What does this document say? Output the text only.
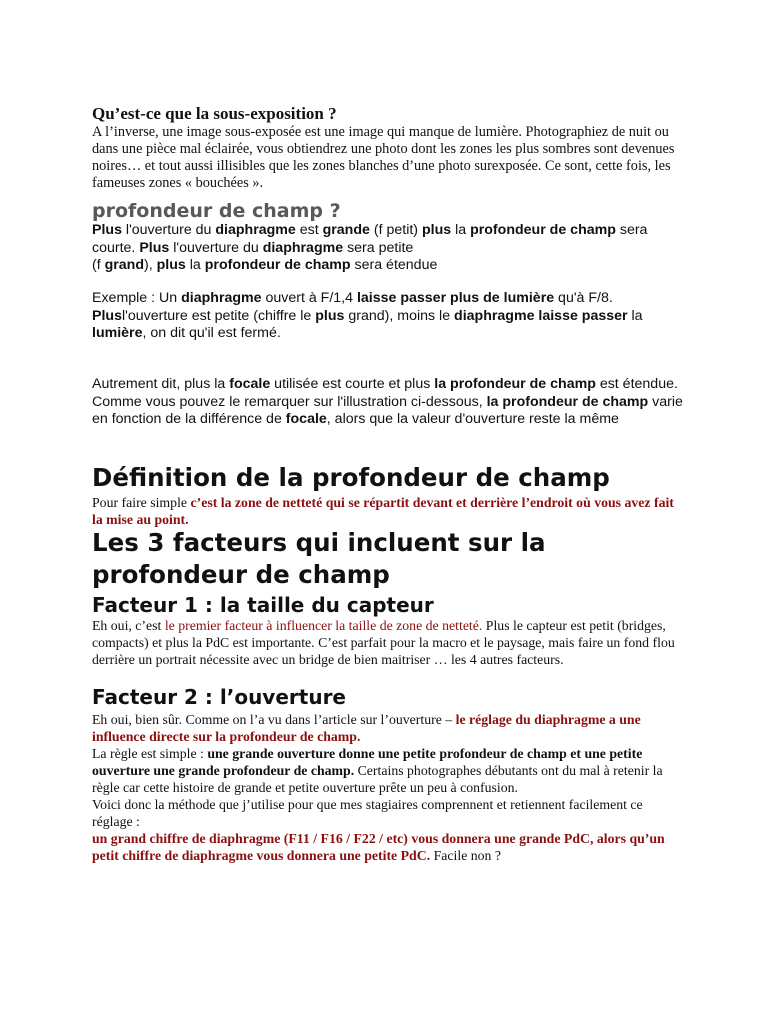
Qu’est-ce que la sous-exposition ?

A l’inverse, une image sous-exposée est une image qui manque de lumière. Photographiez de nuit ou dans une pièce mal éclairée, vous obtiendrez une photo dont les zones les plus sombres sont devenues noires… et tout aussi illisibles que les zones blanches d’une photo surexposée. Ce sont, cette fois, les fameuses zones « bouchées ».

profondeur de champ ?

Plus l'ouverture du diaphragme est grande (f petit) plus la profondeur de champ sera courte. Plus l'ouverture du diaphragme sera petite
(f grand), plus la profondeur de champ sera étendue

Exemple : Un diaphragme ouvert à F/1,4 laisse passer plus de lumière qu'à F/8. Plusl'ouverture est petite (chiffre le plus grand), moins le diaphragme laisse passer la lumière, on dit qu'il est fermé.

Autrement dit, plus la focale utilisée est courte et plus la profondeur de champ est étendue. Comme vous pouvez le remarquer sur l'illustration ci-dessous, la profondeur de champ varie en fonction de la différence de focale, alors que la valeur d'ouverture reste la même

Définition de la profondeur de champ

Pour faire simple c’est la zone de netteté qui se répartit devant et derrière l’endroit où vous avez fait la mise au point.

Les 3 facteurs qui incluent sur la profondeur de champ
Facteur 1 : la taille du capteur

Eh oui, c’est le premier facteur à influencer la taille de zone de netteté. Plus le capteur est petit (bridges, compacts) et plus la PdC est importante. C’est parfait pour la macro et le paysage, mais faire un fond flou derrière un portrait nécessite avec un bridge de bien maitriser … les 4 autres facteurs.

Facteur 2 : l’ouverture

Eh oui, bien sûr. Comme on l’a vu dans l’article sur l’ouverture – le réglage du diaphragme a une influence directe sur la profondeur de champ.
La règle est simple : une grande ouverture donne une petite profondeur de champ et une petite ouverture une grande profondeur de champ. Certains photographes débutants ont du mal à retenir la règle car cette histoire de grande et petite ouverture prête un peu à confusion.
Voici donc la méthode que j’utilise pour que mes stagiaires comprennent et retiennent facilement ce réglage :
un grand chiffre de diaphragme (F11 / F16 / F22 / etc) vous donnera une grande PdC, alors qu’un petit chiffre de diaphragme vous donnera une petite PdC. Facile non ?
